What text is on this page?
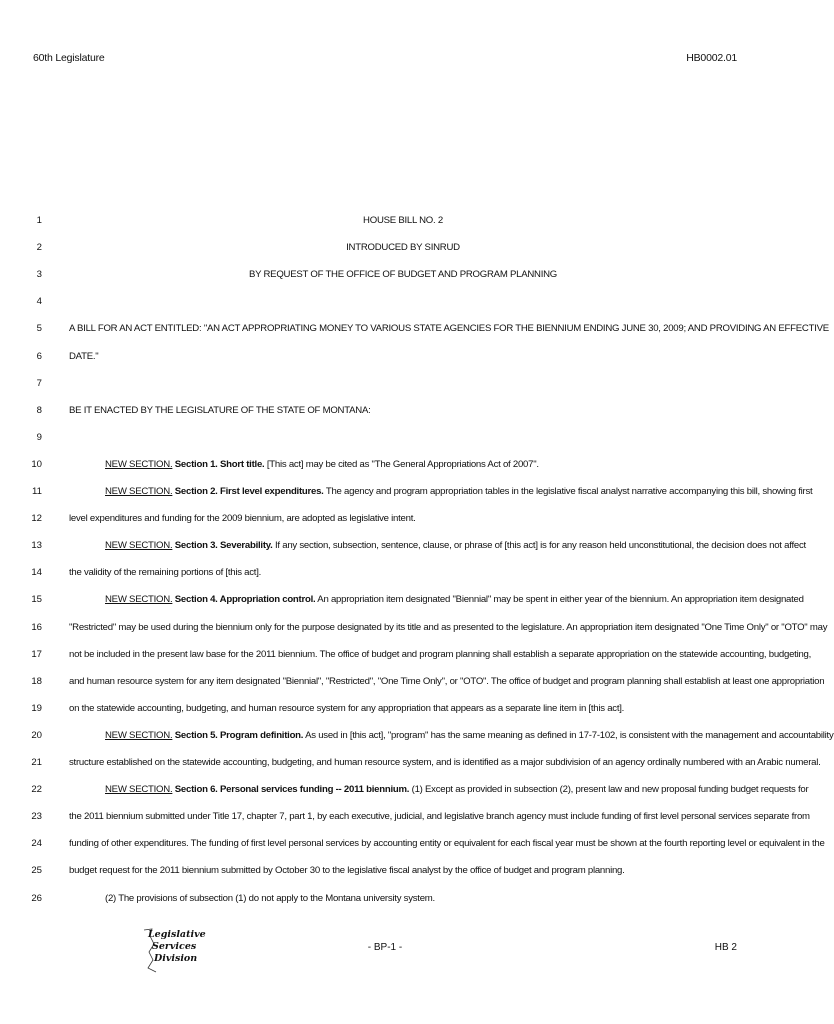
60th Legislature	HB0002.01
1	HOUSE BILL NO. 2
2	INTRODUCED BY SINRUD
3	BY REQUEST OF THE OFFICE OF BUDGET AND PROGRAM PLANNING
4
5	A BILL FOR AN ACT ENTITLED: "AN ACT APPROPRIATING MONEY TO VARIOUS STATE AGENCIES FOR THE BIENNIUM ENDING JUNE 30, 2009; AND PROVIDING AN EFFECTIVE
6	DATE."
7
8	BE IT ENACTED BY THE LEGISLATURE OF THE STATE OF MONTANA:
9
10	NEW SECTION. Section 1. Short title. [This act] may be cited as "The General Appropriations Act of 2007".
11	NEW SECTION. Section 2. First level expenditures. The agency and program appropriation tables in the legislative fiscal analyst narrative accompanying this bill, showing first
12	level expenditures and funding for the 2009 biennium, are adopted as legislative intent.
13	NEW SECTION. Section 3. Severability. If any section, subsection, sentence, clause, or phrase of [this act] is for any reason held unconstitutional, the decision does not affect
14	the validity of the remaining portions of [this act].
15	NEW SECTION. Section 4. Appropriation control. An appropriation item designated "Biennial" may be spent in either year of the biennium. An appropriation item designated
16	"Restricted" may be used during the biennium only for the purpose designated by its title and as presented to the legislature. An appropriation item designated "One Time Only" or "OTO" may
17	not be included in the present law base for the 2011 biennium. The office of budget and program planning shall establish a separate appropriation on the statewide accounting, budgeting,
18	and human resource system for any item designated "Biennial", "Restricted", "One Time Only", or "OTO". The office of budget and program planning shall establish at least one appropriation
19	on the statewide accounting, budgeting, and human resource system for any appropriation that appears as a separate line item in [this act].
20	NEW SECTION. Section 5. Program definition. As used in [this act], "program" has the same meaning as defined in 17-7-102, is consistent with the management and accountability
21	structure established on the statewide accounting, budgeting, and human resource system, and is identified as a major subdivision of an agency ordinally numbered with an Arabic numeral.
22	NEW SECTION. Section 6. Personal services funding -- 2011 biennium. (1) Except as provided in subsection (2), present law and new proposal funding budget requests for
23	the 2011 biennium submitted under Title 17, chapter 7, part 1, by each executive, judicial, and legislative branch agency must include funding of first level personal services separate from
24	funding of other expenditures. The funding of first level personal services by accounting entity or equivalent for each fiscal year must be shown at the fourth reporting level or equivalent in the
25	budget request for the 2011 biennium submitted by October 30 to the legislative fiscal analyst by the office of budget and program planning.
26	(2) The provisions of subsection (1) do not apply to the Montana university system.
Legislative
Services
Division
- BP-1 -	HB 2
